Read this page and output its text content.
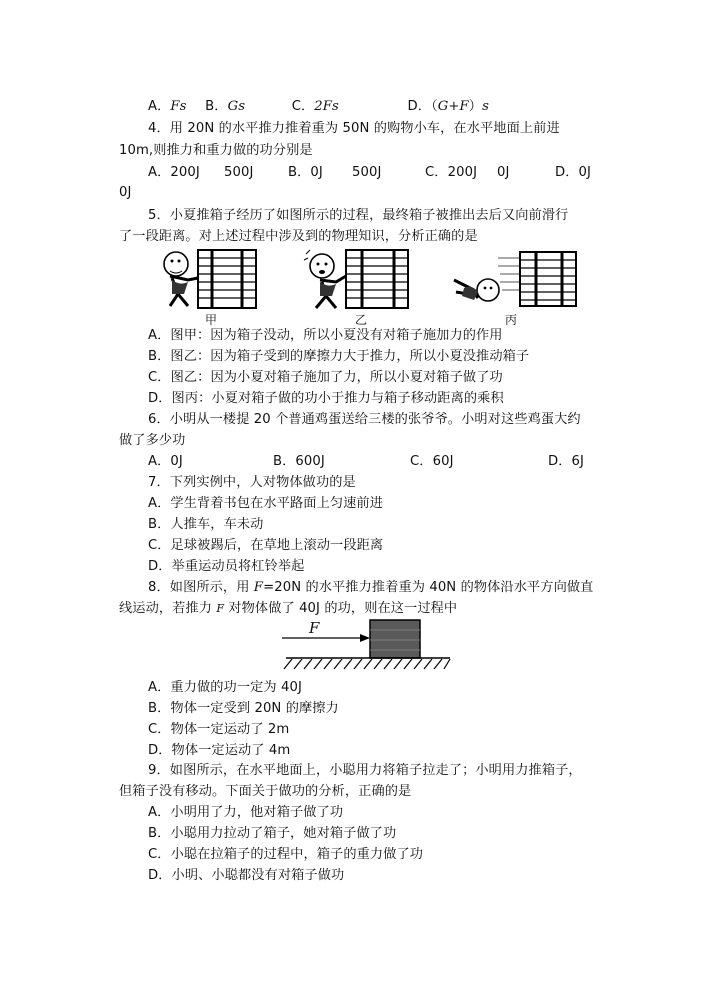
A．Fs B．Gs	C．2Fs	D．（G+F）s
4．用 20N 的水平推力推着重为 50N 的购物小车，在水平地面上前进
10m,则推力和重力做的功分别是
A．200J 500J	B．0J 500J	C．200J 0J	D．0J
0J
5．小夏推箱子经历了如图所示的过程，最终箱子被推出去后又向前滑行
了一段距离。对上述过程中涉及到的物理知识，分析正确的是
甲	乙	丙
A．图甲：因为箱子没动，所以小夏没有对箱子施加力的作用
B．图乙：因为箱子受到的摩擦力大于推力，所以小夏没推动箱子
C．图乙：因为小夏对箱子施加了力，所以小夏对箱子做了功
D．图丙：小夏对箱子做的功小于推力与箱子移动距离的乘积
6．小明从一楼提 20 个普通鸡蛋送给三楼的张爷爷。小明对这些鸡蛋大约
做了多少功
A．0J	B．600J	C．60J	D．6J
7．下列实例中，人对物体做功的是
A．学生背着书包在水平路面上匀速前进
B．人推车，车未动
C．足球被踢后，在草地上滚动一段距离
D．举重运动员将杠铃举起
8．如图所示，用 F=20N 的水平推力推着重为 40N 的物体沿水平方向做直
线运动，若推力 F 对物体做了 40J 的功，则在这一过程中
F
A．重力做的功一定为 40J
B．物体一定受到 20N 的摩擦力
C．物体一定运动了 2m
D．物体一定运动了 4m
9．如图所示，在水平地面上，小聪用力将箱子拉走了；小明用力推箱子，
但箱子没有移动。下面关于做功的分析，正确的是
A．小明用了力，他对箱子做了功
B．小聪用力拉动了箱子，她对箱子做了功
C．小聪在拉箱子的过程中，箱子的重力做了功
D．小明、小聪都没有对箱子做功
